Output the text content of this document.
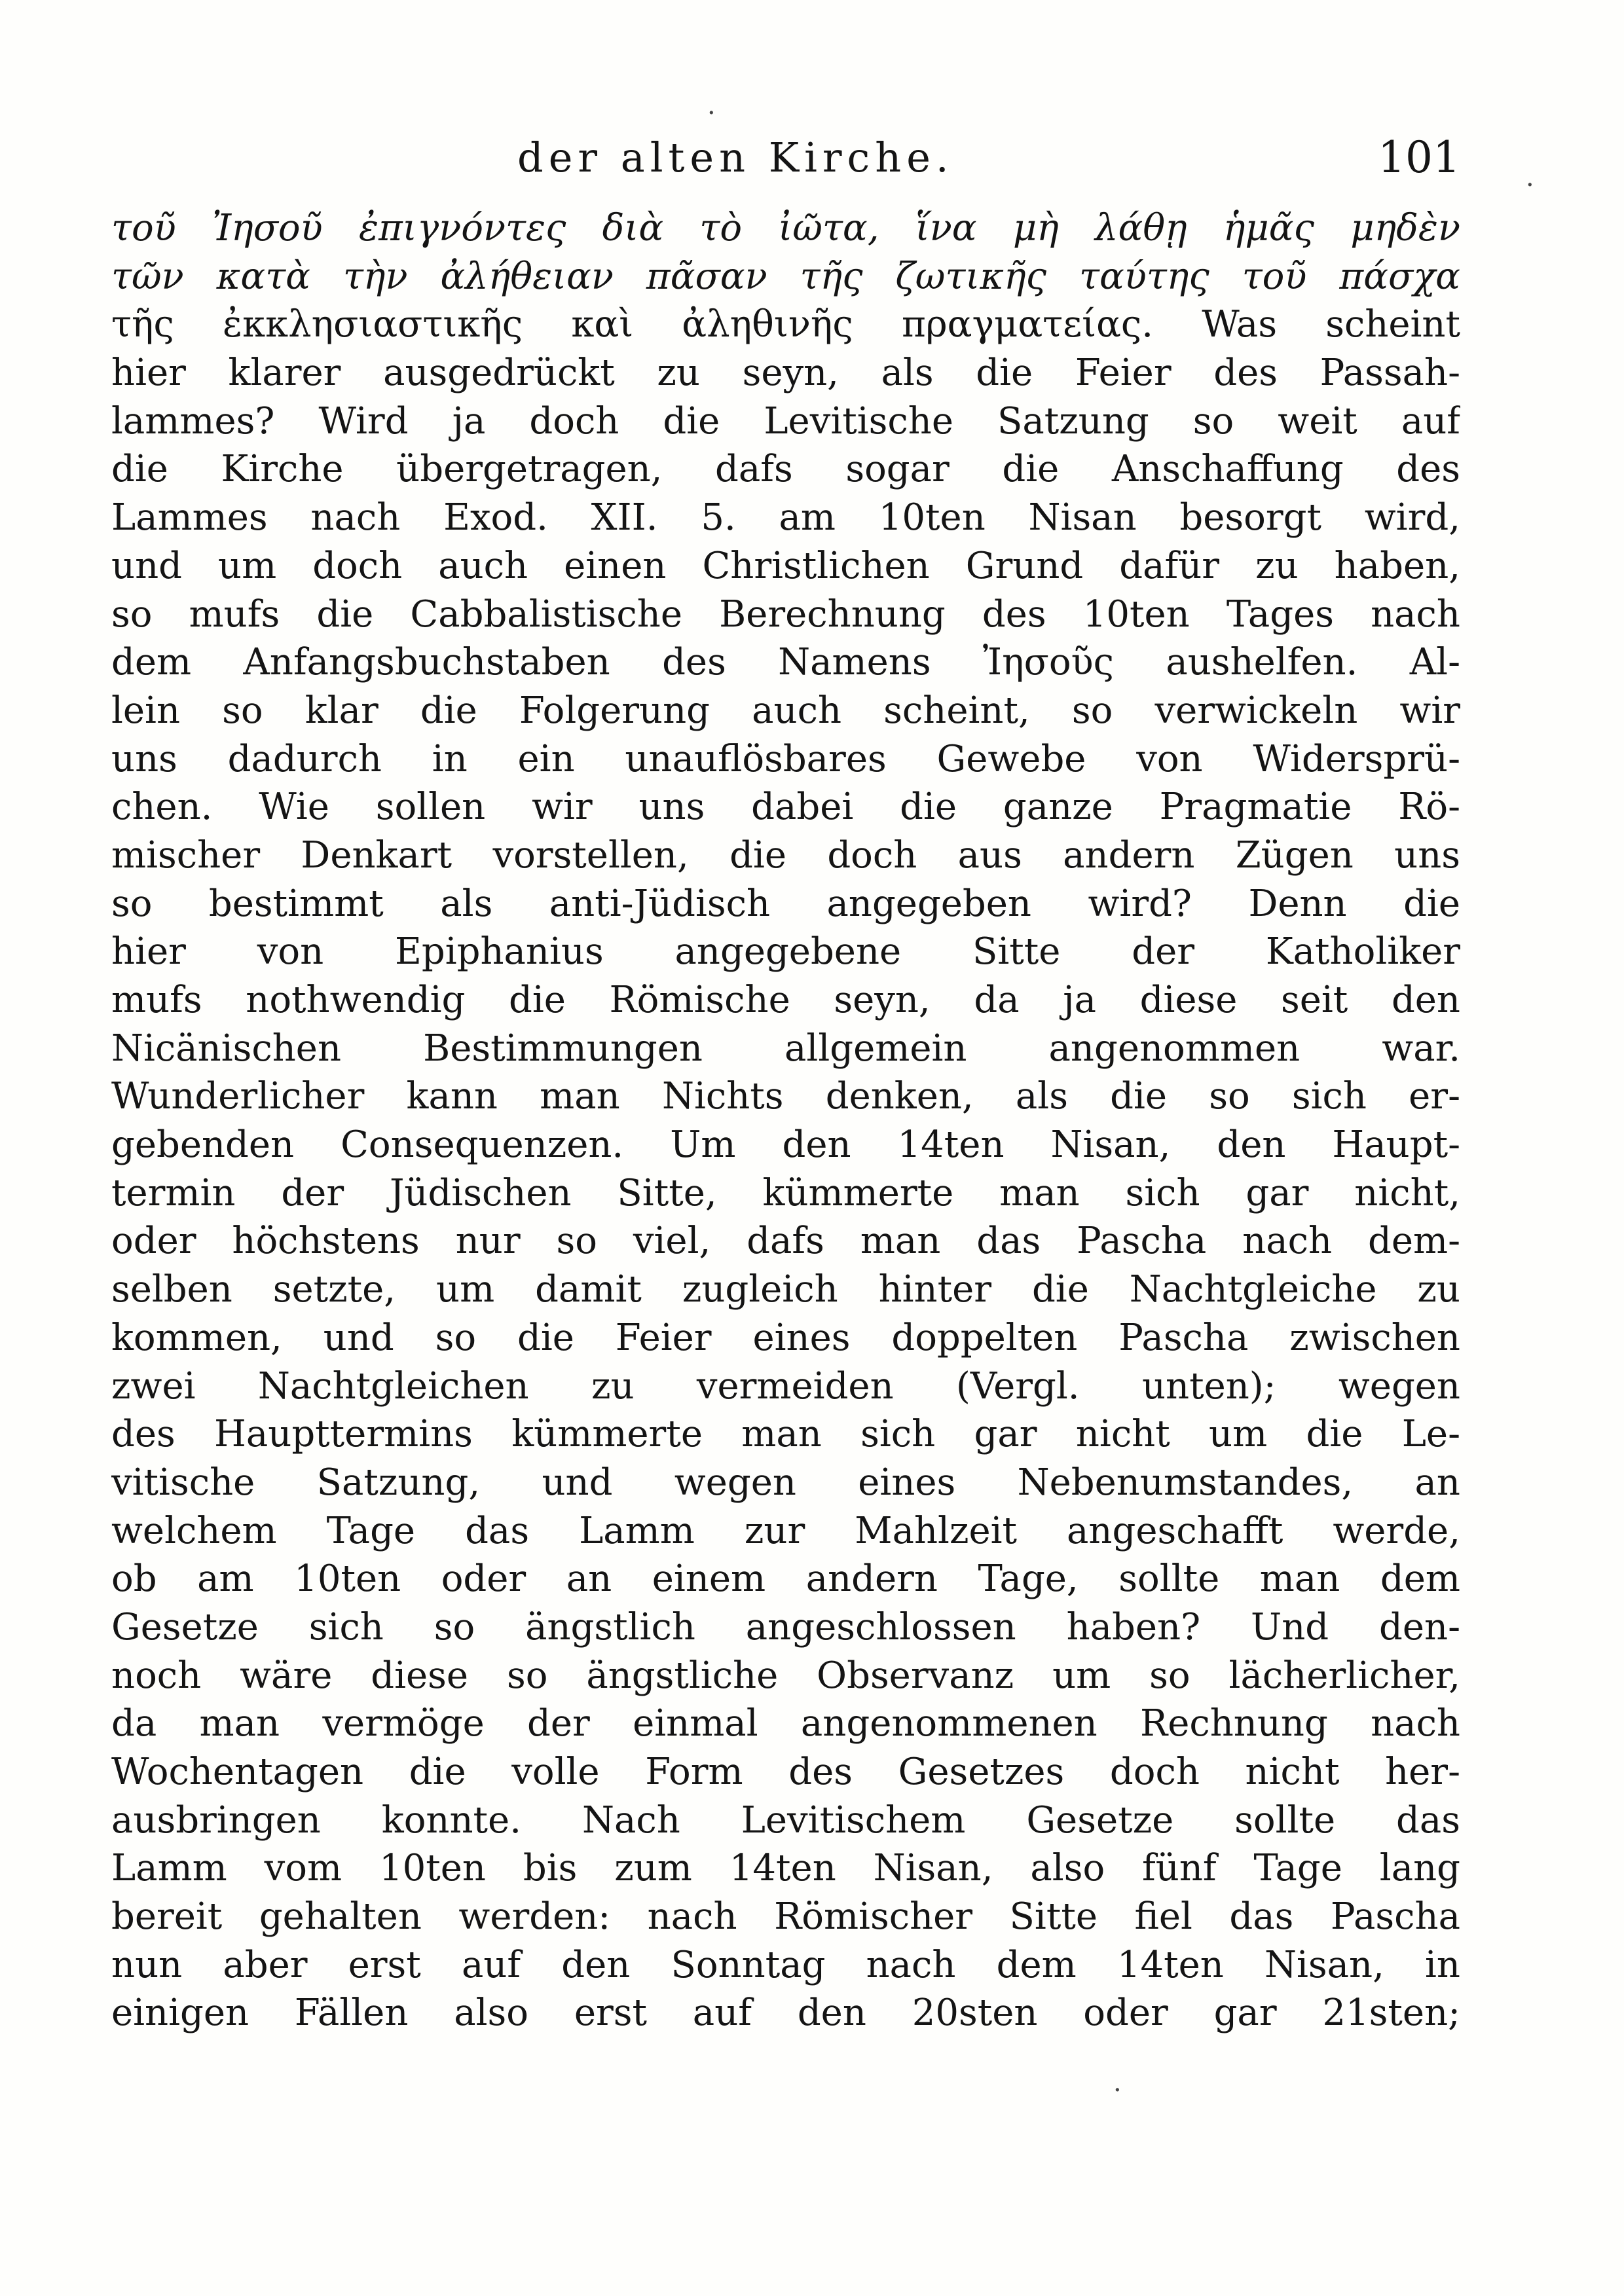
der alten Kirche.	101
τοῦ Ἰησοῦ ἐπιγνόντες διὰ τὸ ἰῶτα, ἵνα μὴ λάθῃ ἡμᾶς μηδὲν
τῶν κατὰ τὴν ἀλήθειαν πᾶσαν τῆς ζωτικῆς ταύτης τοῦ πάσχα
τῆς ἐκκλησιαστικῆς καὶ ἀληθινῆς πραγματείας. Was scheint
hier klarer ausgedrückt zu seyn, als die Feier des Passah-
lammes? Wird ja doch die Levitische Satzung so weit auf
die Kirche übergetragen, dafs sogar die Anschaffung des
Lammes nach Exod. XII. 5. am 10ten Nisan besorgt wird,
und um doch auch einen Christlichen Grund dafür zu haben,
so mufs die Cabbalistische Berechnung des 10ten Tages nach
dem Anfangsbuchstaben des Namens Ἰησοῦς aushelfen. Al-
lein so klar die Folgerung auch scheint, so verwickeln wir
uns dadurch in ein unauflösbares Gewebe von Widersprü-
chen. Wie sollen wir uns dabei die ganze Pragmatie Rö-
mischer Denkart vorstellen, die doch aus andern Zügen uns
so bestimmt als anti-Jüdisch angegeben wird? Denn die
hier von Epiphanius angegebene Sitte der Katholiker
mufs nothwendig die Römische seyn, da ja diese seit den
Nicänischen Bestimmungen allgemein angenommen war.
Wunderlicher kann man Nichts denken, als die so sich er-
gebenden Consequenzen. Um den 14ten Nisan, den Haupt-
termin der Jüdischen Sitte, kümmerte man sich gar nicht,
oder höchstens nur so viel, dafs man das Pascha nach dem-
selben setzte, um damit zugleich hinter die Nachtgleiche zu
kommen, und so die Feier eines doppelten Pascha zwischen
zwei Nachtgleichen zu vermeiden (Vergl. unten); wegen
des Haupttermins kümmerte man sich gar nicht um die Le-
vitische Satzung, und wegen eines Nebenumstandes, an
welchem Tage das Lamm zur Mahlzeit angeschafft werde,
ob am 10ten oder an einem andern Tage, sollte man dem
Gesetze sich so ängstlich angeschlossen haben? Und den-
noch wäre diese so ängstliche Observanz um so lächerlicher,
da man vermöge der einmal angenommenen Rechnung nach
Wochentagen die volle Form des Gesetzes doch nicht her-
ausbringen konnte. Nach Levitischem Gesetze sollte das
Lamm vom 10ten bis zum 14ten Nisan, also fünf Tage lang
bereit gehalten werden: nach Römischer Sitte fiel das Pascha
nun aber erst auf den Sonntag nach dem 14ten Nisan, in
einigen Fällen also erst auf den 20sten oder gar 21sten;
·
·
·
